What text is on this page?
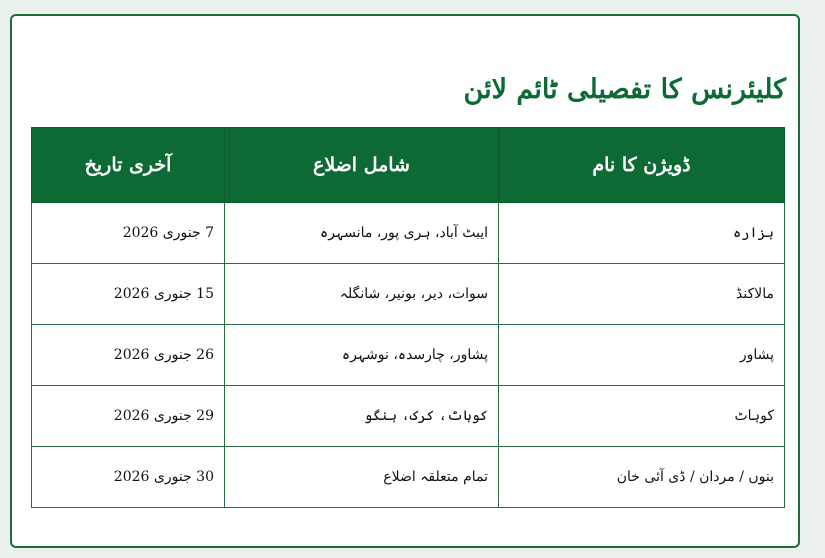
کلیئرنس کا تفصیلی ٹائم لائن
ڈویژن کا نام	شامل اضلاع	آخری تاریخ
ہزارہ	ایبٹ آباد، ہری پور، مانسہرہ	7 جنوری 2026
مالاکنڈ	سوات، دیر، بونیر، شانگلہ	15 جنوری 2026
پشاور	پشاور، چارسدہ، نوشہرہ	26 جنوری 2026
کوہاٹ	کوہاٹ، کرک، ہنگو	29 جنوری 2026
بنوں / مردان / ڈی آئی خان	تمام متعلقہ اضلاع	30 جنوری 2026
